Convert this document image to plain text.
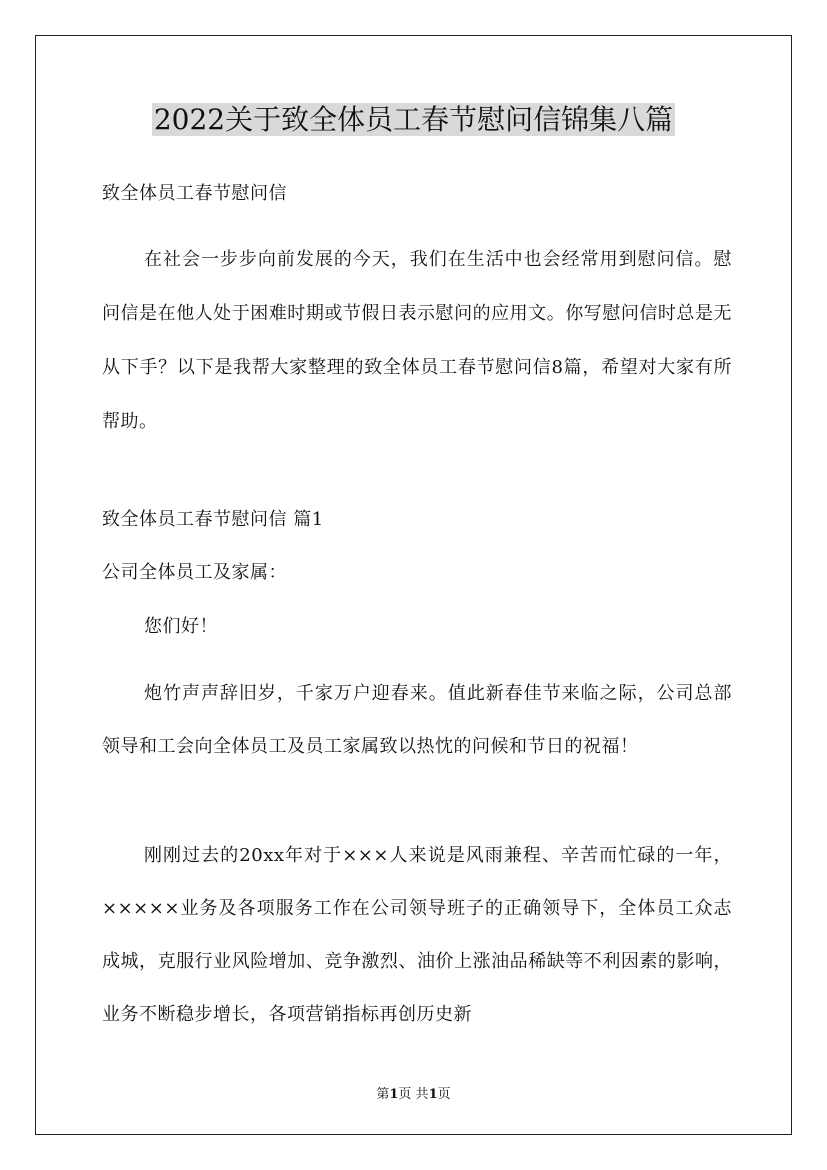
2022关于致全体员工春节慰问信锦集八篇
致全体员工春节慰问信
在社会一步步向前发展的今天，我们在生活中也会经常用到慰问信。慰问信是在他人处于困难时期或节假日表示慰问的应用文。你写慰问信时总是无从下手？以下是我帮大家整理的致全体员工春节慰问信8篇，希望对大家有所帮助。
致全体员工春节慰问信 篇1
公司全体员工及家属：
您们好！
炮竹声声辞旧岁，千家万户迎春来。值此新春佳节来临之际，公司总部领导和工会向全体员工及员工家属致以热忱的问候和节日的祝福！
刚刚过去的20xx年对于×××人来说是风雨兼程、辛苦而忙碌的一年，×××××业务及各项服务工作在公司领导班子的正确领导下，全体员工众志成城，克服行业风险增加、竞争激烈、油价上涨油品稀缺等不利因素的影响，业务不断稳步增长，各项营销指标再创历史新
第1页 共1页
